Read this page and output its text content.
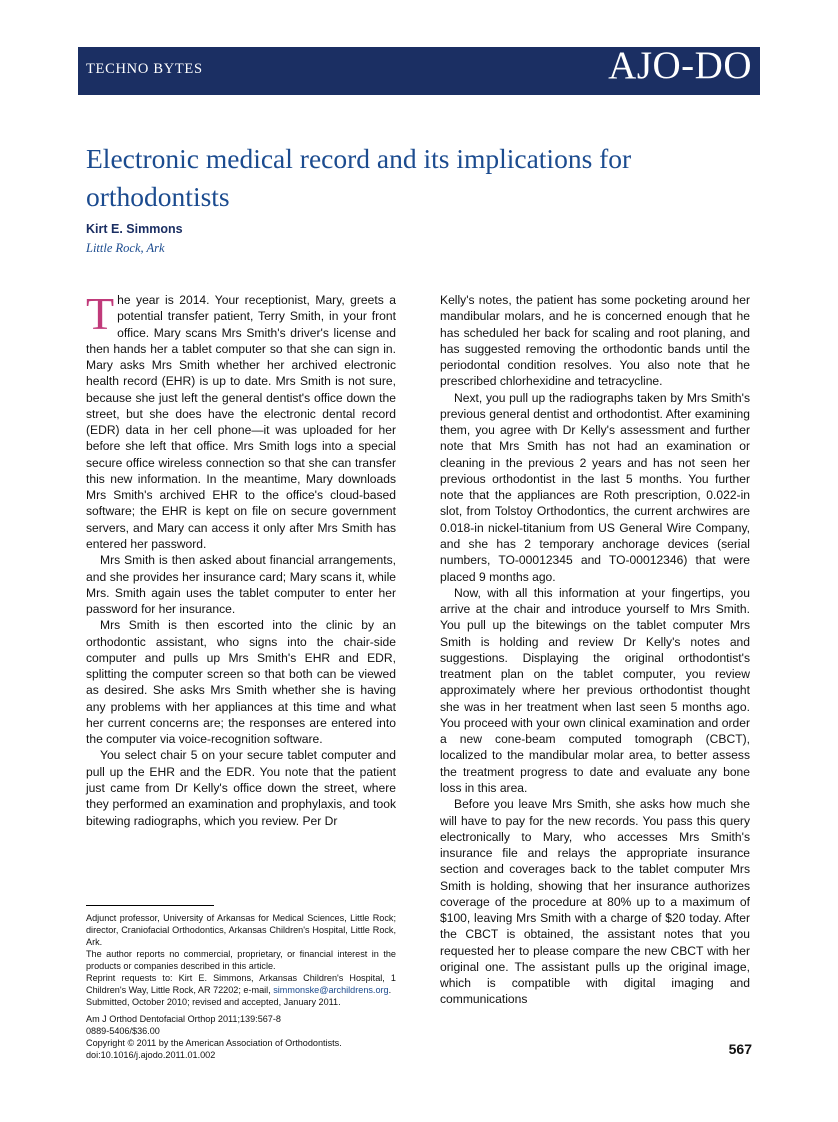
TECHNO BYTES	AJO-DO
Electronic medical record and its implications for orthodontists
Kirt E. Simmons
Little Rock, Ark

The year is 2014. Your receptionist, Mary, greets a potential transfer patient, Terry Smith, in your front office. Mary scans Mrs Smith's driver's license and then hands her a tablet computer so that she can sign in. Mary asks Mrs Smith whether her archived electronic health record (EHR) is up to date. Mrs Smith is not sure, because she just left the general dentist's office down the street, but she does have the electronic dental record (EDR) data in her cell phone—it was uploaded for her before she left that office. Mrs Smith logs into a special secure office wireless connection so that she can transfer this new information. In the meantime, Mary downloads Mrs Smith's archived EHR to the office's cloud-based software; the EHR is kept on file on secure government servers, and Mary can access it only after Mrs Smith has entered her password.

Mrs Smith is then asked about financial arrangements, and she provides her insurance card; Mary scans it, while Mrs. Smith again uses the tablet computer to enter her password for her insurance.

Mrs Smith is then escorted into the clinic by an orthodontic assistant, who signs into the chair-side computer and pulls up Mrs Smith's EHR and EDR, splitting the computer screen so that both can be viewed as desired. She asks Mrs Smith whether she is having any problems with her appliances at this time and what her current concerns are; the responses are entered into the computer via voice-recognition software.

You select chair 5 on your secure tablet computer and pull up the EHR and the EDR. You note that the patient just came from Dr Kelly's office down the street, where they performed an examination and prophylaxis, and took bitewing radiographs, which you review. Per Dr

Kelly's notes, the patient has some pocketing around her mandibular molars, and he is concerned enough that he has scheduled her back for scaling and root planing, and has suggested removing the orthodontic bands until the periodontal condition resolves. You also note that he prescribed chlorhexidine and tetracycline.

Next, you pull up the radiographs taken by Mrs Smith's previous general dentist and orthodontist. After examining them, you agree with Dr Kelly's assessment and further note that Mrs Smith has not had an examination or cleaning in the previous 2 years and has not seen her previous orthodontist in the last 5 months. You further note that the appliances are Roth prescription, 0.022-in slot, from Tolstoy Orthodontics, the current archwires are 0.018-in nickel-titanium from US General Wire Company, and she has 2 temporary anchorage devices (serial numbers, TO-00012345 and TO-00012346) that were placed 9 months ago.

Now, with all this information at your fingertips, you arrive at the chair and introduce yourself to Mrs Smith. You pull up the bitewings on the tablet computer Mrs Smith is holding and review Dr Kelly's notes and suggestions. Displaying the original orthodontist's treatment plan on the tablet computer, you review approximately where her previous orthodontist thought she was in her treatment when last seen 5 months ago. You proceed with your own clinical examination and order a new cone-beam computed tomograph (CBCT), localized to the mandibular molar area, to better assess the treatment progress to date and evaluate any bone loss in this area.

Before you leave Mrs Smith, she asks how much she will have to pay for the new records. You pass this query electronically to Mary, who accesses Mrs Smith's insurance file and relays the appropriate insurance section and coverages back to the tablet computer Mrs Smith is holding, showing that her insurance authorizes coverage of the procedure at 80% up to a maximum of $100, leaving Mrs Smith with a charge of $20 today. After the CBCT is obtained, the assistant notes that you requested her to please compare the new CBCT with her original one. The assistant pulls up the original image, which is compatible with digital imaging and communications

Adjunct professor, University of Arkansas for Medical Sciences, Little Rock; director, Craniofacial Orthodontics, Arkansas Children's Hospital, Little Rock, Ark.

The author reports no commercial, proprietary, or financial interest in the products or companies described in this article.

Reprint requests to: Kirt E. Simmons, Arkansas Children's Hospital, 1 Children's Way, Little Rock, AR 72202; e-mail, simmonske@archildrens.org.

Submitted, October 2010; revised and accepted, January 2011.

Am J Orthod Dentofacial Orthop 2011;139:567-8

0889-5406/$36.00

Copyright © 2011 by the American Association of Orthodontists.

doi:10.1016/j.ajodo.2011.01.002	567
